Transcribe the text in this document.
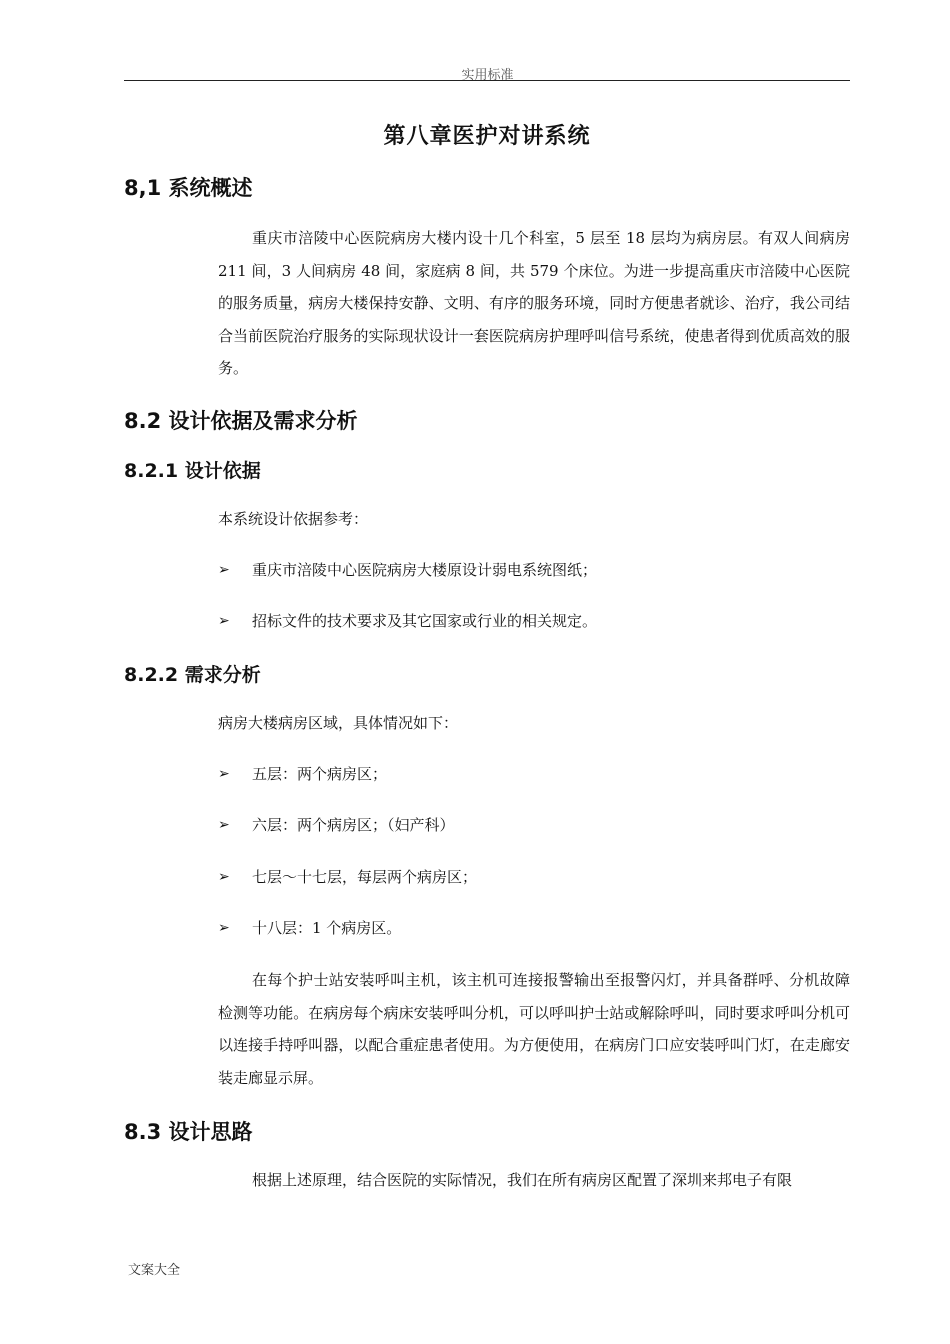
实用标准
第八章医护对讲系统
8,1 系统概述

重庆市涪陵中心医院病房大楼内设十几个科室，5 层至 18 层均为病房层。有双人间病房 211 间，3 人间病房 48 间，家庭病 8 间，共 579 个床位。为进一步提高重庆市涪陵中心医院的服务质量，病房大楼保持安静、文明、有序的服务环境，同时方便患者就诊、治疗，我公司结合当前医院治疗服务的实际现状设计一套医院病房护理呼叫信号系统，使患者得到优质高效的服务。

8.2 设计依据及需求分析
8.2.1 设计依据
本系统设计依据参考：
➢	重庆市涪陵中心医院病房大楼原设计弱电系统图纸；
➢	招标文件的技术要求及其它国家或行业的相关规定。
8.2.2 需求分析
病房大楼病房区域，具体情况如下：
➢	五层：两个病房区；
➢	六层：两个病房区；（妇产科）
➢	七层～十七层，每层两个病房区；
➢	十八层：1 个病房区。

在每个护士站安装呼叫主机，该主机可连接报警输出至报警闪灯，并具备群呼、分机故障检测等功能。在病房每个病床安装呼叫分机，可以呼叫护士站或解除呼叫，同时要求呼叫分机可以连接手持呼叫器，以配合重症患者使用。为方便使用，在病房门口应安装呼叫门灯，在走廊安装走廊显示屏。

8.3 设计思路

根据上述原理，结合医院的实际情况，我们在所有病房区配置了深圳来邦电子有限

文案大全
